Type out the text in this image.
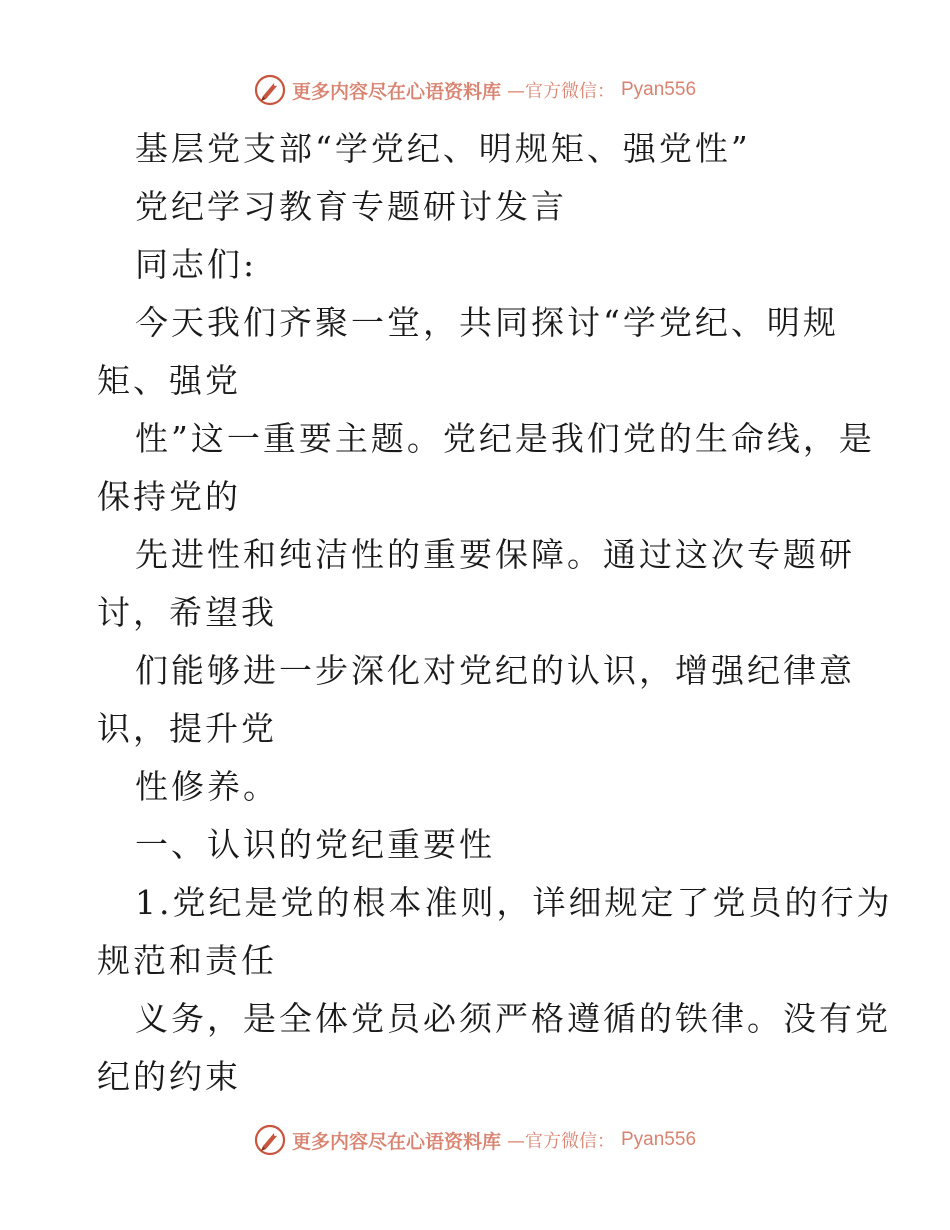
更多内容尽在心语资料库 —官方微信： Pyan556
基层党支部“学党纪、明规矩、强党性”
党纪学习教育专题研讨发言
同志们:
今天我们齐聚一堂，共同探讨“学党纪、明规
矩、强党
性”这一重要主题。党纪是我们党的生命线，是
保持党的
先进性和纯洁性的重要保障。通过这次专题研
讨，希望我
们能够进一步深化对党纪的认识，增强纪律意
识，提升党
性修养。
一、认识的党纪重要性
1.党纪是党的根本准则，详细规定了党员的行为
规范和责任
义务，是全体党员必须严格遵循的铁律。没有党
纪的约束
更多内容尽在心语资料库 —官方微信： Pyan556
